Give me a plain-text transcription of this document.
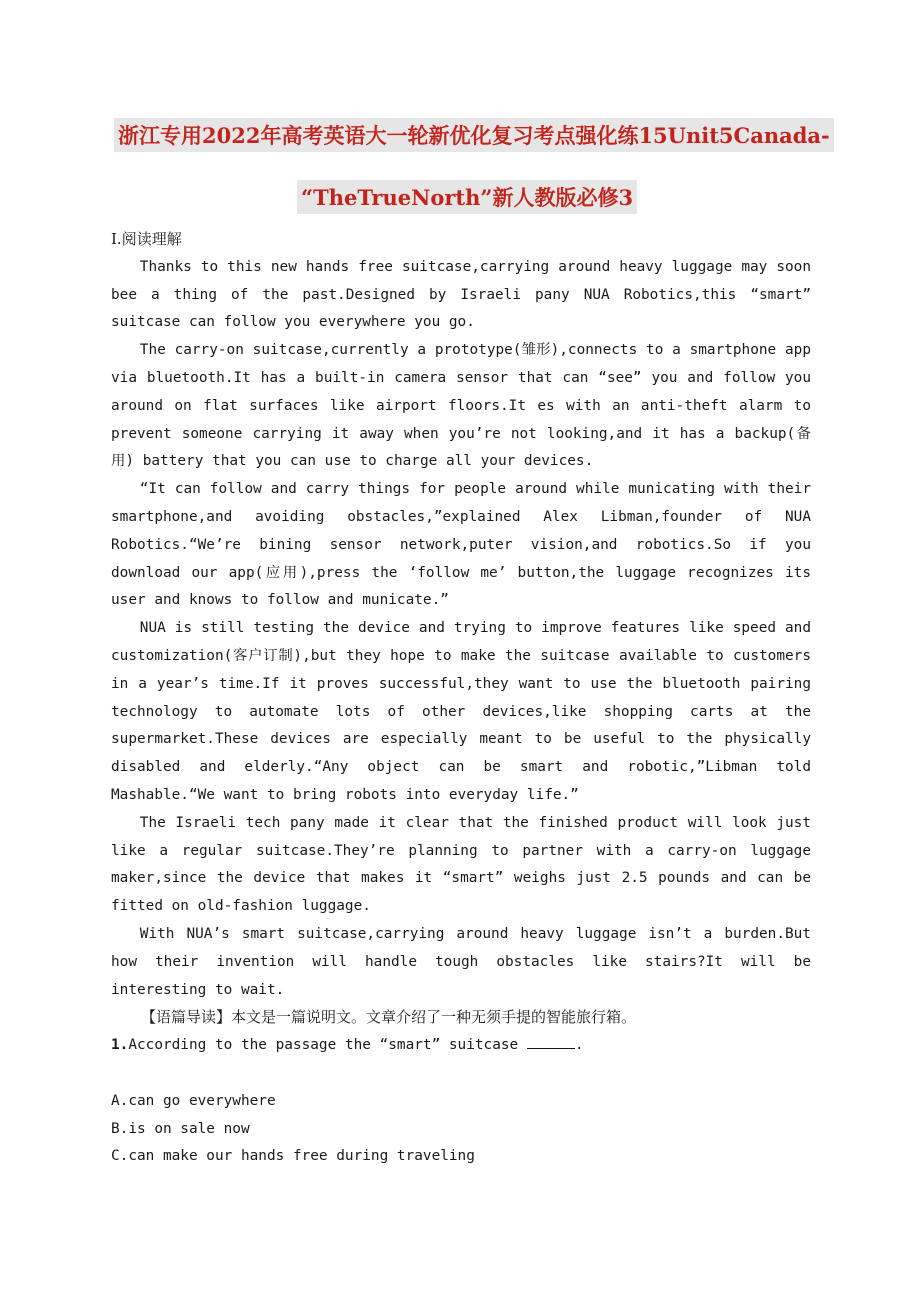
浙江专用2022年高考英语大一轮新优化复习考点强化练15Unit5Canada-
“TheTrueNorth”新人教版必修3
Ⅰ.阅读理解

Thanks to this new hands free suitcase,carrying around heavy luggage may soon bee a thing of the past.Designed by Israeli pany NUA Robotics,this “smart” suitcase can follow you everywhere you go.

The carry-on suitcase,currently a prototype(雏形),connects to a smartphone app via bluetooth.It has a built-in camera sensor that can “see” you and follow you around on flat surfaces like airport floors.It es with an anti-theft alarm to prevent someone carrying it away when you’re not looking,and it has a backup(备用) battery that you can use to charge all your devices.

“It can follow and carry things for people around while municating with their smartphone,and avoiding obstacles,”explained Alex Libman,founder of NUA Robotics.“We’re bining sensor network,puter vision,and robotics.So if you download our app(应用),press the ‘follow me’ button,the luggage recognizes its user and knows to follow and municate.”

NUA is still testing the device and trying to improve features like speed and customization(客户订制),but they hope to make the suitcase available to customers in a year’s time.If it proves successful,they want to use the bluetooth pairing technology to automate lots of other devices,like shopping carts at the supermarket.These devices are especially meant to be useful to the physically disabled and elderly.“Any object can be smart and robotic,”Libman told Mashable.“We want to bring robots into everyday life.”

The Israeli tech pany made it clear that the finished product will look just like a regular suitcase.They’re planning to partner with a carry-on luggage maker,since the device that makes it “smart” weighs just 2.5 pounds and can be fitted on old-fashion luggage.

With NUA’s smart suitcase,carrying around heavy luggage isn’t a burden.But how their invention will handle tough obstacles like stairs?It will be interesting to wait.

【语篇导读】本文是一篇说明文。文章介绍了一种无须手提的智能旅行箱。

1.According to the passage the “smart” suitcase	.
A.can go everywhere
B.is on sale now
C.can make our hands free during traveling
